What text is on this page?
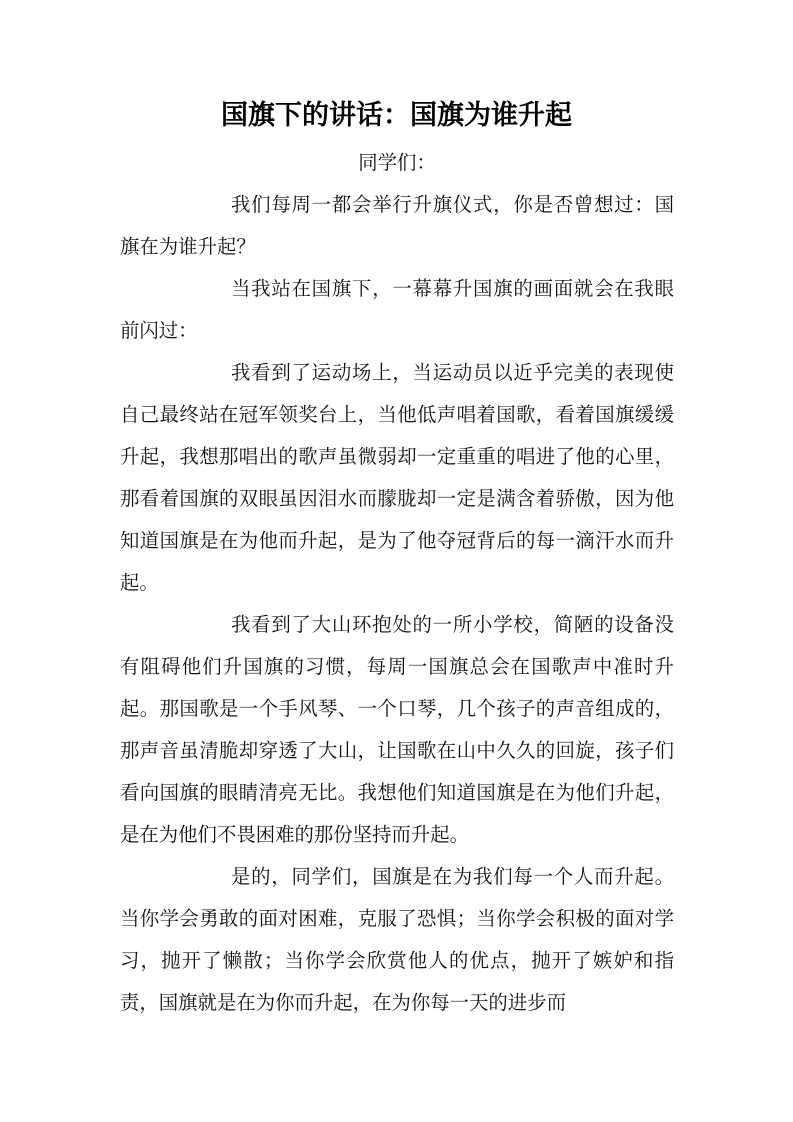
国旗下的讲话：国旗为谁升起

同学们：

我们每周一都会举行升旗仪式，你是否曾想过：国旗在为谁升起？

当我站在国旗下，一幕幕升国旗的画面就会在我眼前闪过：

我看到了运动场上，当运动员以近乎完美的表现使自己最终站在冠军领奖台上，当他低声唱着国歌，看着国旗缓缓升起，我想那唱出的歌声虽微弱却一定重重的唱进了他的心里，那看着国旗的双眼虽因泪水而朦胧却一定是满含着骄傲，因为他知道国旗是在为他而升起，是为了他夺冠背后的每一滴汗水而升起。

我看到了大山环抱处的一所小学校，简陋的设备没有阻碍他们升国旗的习惯，每周一国旗总会在国歌声中准时升起。那国歌是一个手风琴、一个口琴，几个孩子的声音组成的，那声音虽清脆却穿透了大山，让国歌在山中久久的回旋，孩子们看向国旗的眼睛清亮无比。我想他们知道国旗是在为他们升起，是在为他们不畏困难的那份坚持而升起。

是的，同学们，国旗是在为我们每一个人而升起。当你学会勇敢的面对困难，克服了恐惧；当你学会积极的面对学习，抛开了懒散；当你学会欣赏他人的优点，抛开了嫉妒和指责，国旗就是在为你而升起，在为你每一天的进步而
